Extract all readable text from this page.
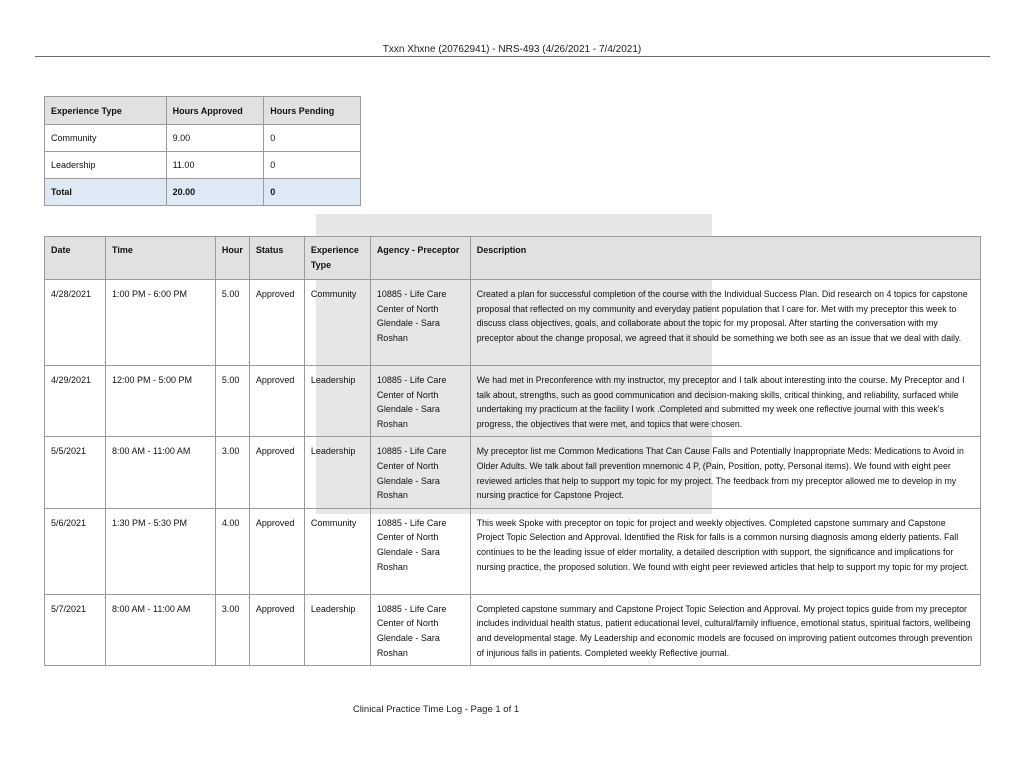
Txxn Xhxne (20762941) - NRS-493 (4/26/2021 - 7/4/2021)
Experience Type	Hours Approved	Hours Pending
Community	9.00	0
Leadership	11.00	0
Total	20.00	0
Date	Time	Hour	Status	Experience Type	Agency - Preceptor	Description
4/28/2021	1:00 PM - 6:00 PM	5.00	Approved	Community	10885 - Life Care Center of North Glendale - Sara Roshan	Created a plan for successful completion of the course with the Individual Success Plan. Did research on 4 topics for capstone proposal that reflected on my community and everyday patient population that I care for. Met with my preceptor this week to discuss class objectives, goals, and collaborate about the topic for my proposal. After starting the conversation with my preceptor about the change proposal, we agreed that it should be something we both see as an issue that we deal with daily.
4/29/2021	12:00 PM - 5:00 PM	5.00	Approved	Leadership	10885 - Life Care Center of North Glendale - Sara Roshan	We had met in Preconference with my instructor, my preceptor and I talk about interesting into the course. My Preceptor and I talk about, strengths, such as good communication and decision-making skills, critical thinking, and reliability, surfaced while undertaking my practicum at the facility I work .Completed and submitted my week one reflective journal with this week's progress, the objectives that were met, and topics that were chosen.
5/5/2021	8:00 AM - 11:00 AM	3.00	Approved	Leadership	10885 - Life Care Center of North Glendale - Sara Roshan	My preceptor list me Common Medications That Can Cause Falls and Potentially Inappropriate Meds: Medications to Avoid in Older Adults. We talk about fall prevention mnemonic 4 P, (Pain, Position, potty, Personal items). We found with eight peer reviewed articles that help to support my topic for my project. The feedback from my preceptor allowed me to develop in my nursing practice for Capstone Project.
5/6/2021	1:30 PM - 5:30 PM	4.00	Approved	Community	10885 - Life Care Center of North Glendale - Sara Roshan	This week Spoke with preceptor on topic for project and weekly objectives. Completed capstone summary and Capstone Project Topic Selection and Approval. Identified the Risk for falls is a common nursing diagnosis among elderly patients. Fall continues to be the leading issue of elder mortality, a detailed description with support, the significance and implications for nursing practice, the proposed solution. We found with eight peer reviewed articles that help to support my topic for my project.
5/7/2021	8:00 AM - 11:00 AM	3.00	Approved	Leadership	10885 - Life Care Center of North Glendale - Sara Roshan	Completed capstone summary and Capstone Project Topic Selection and Approval. My project topics guide from my preceptor includes individual health status, patient educational level, cultural/family influence, emotional status, spiritual factors, wellbeing and developmental stage. My Leadership and economic models are focused on improving patient outcomes through prevention of injurious falls in patients. Completed weekly Reflective journal.
Clinical Practice Time Log - Page 1 of 1
